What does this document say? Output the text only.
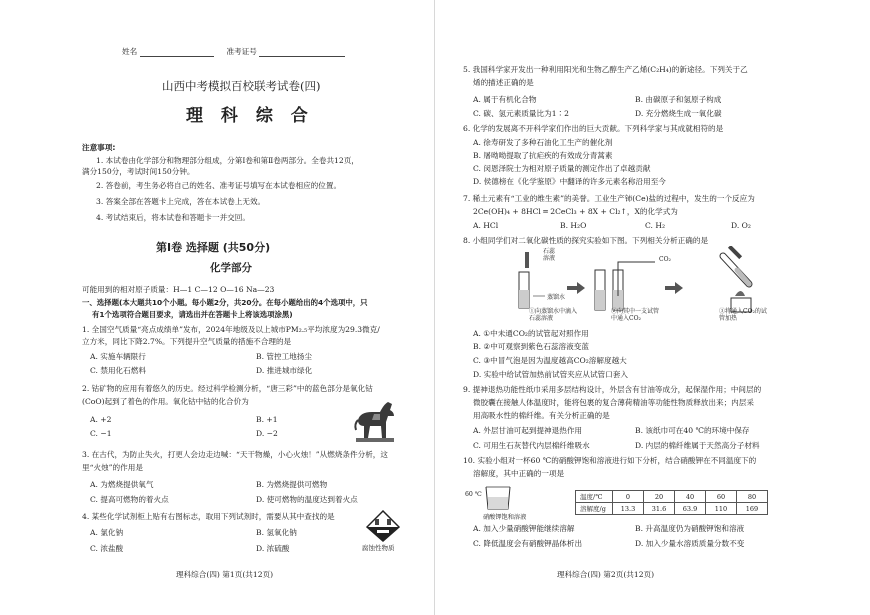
姓名	准考证号
山西中考模拟百校联考试卷(四)
理 科 综 合
注意事项:
1. 本试卷由化学部分和物理部分组成，分第Ⅰ卷和第Ⅱ卷两部分。全卷共12页，
满分150分，考试时间150分钟。
2. 答卷前，考生务必将自己的姓名、准考证号填写在本试卷相应的位置。
3. 答案全部在答题卡上完成，答在本试卷上无效。
4. 考试结束后，将本试卷和答题卡一并交回。
第Ⅰ卷 选择题 (共50分)
化学部分
可能用到的相对原子质量：H—1 C—12 O—16 Na—23
一、选择题(本大题共10个小题。每小题2分，共20分。在每小题给出的4个选项中，只
有1个选项符合题目要求，请选出并在答题卡上将该选项涂黑)
1. 全国空气质量“亮点成绩单”发布，2024年地级及以上城市PM₂.₅平均浓度为29.3微克/
立方米，同比下降2.7%。下列提升空气质量的措施不合理的是
A. 实施车辆限行	B. 管控工地扬尘
C. 禁用化石燃料	D. 推进城市绿化
2. 钴矿物的应用有着悠久的历史。经过科学检测分析，“唐三彩”中的蓝色部分是氧化钴
(CoO)起到了着色的作用。氧化钴中钴的化合价为
A. +2	B. +1
C. −1	D. −2
3. 在古代，为防止失火，打更人会边走边喊：“天干物燥，小心火烛！”从燃烧条件分析，这
里“火烛”的作用是
A. 为燃烧提供氧气	B. 为燃烧提供可燃物
C. 提高可燃物的着火点	D. 使可燃物的温度达到着火点
4. 某些化学试剂柜上贴有右图标志，取用下列试剂时，需要从其中查找的是
A. 氯化钠	B. 氢氧化钠
C. 浓盐酸	D. 浓硫酸	腐蚀性物质
理科综合(四) 第1页(共12页)
5. 我国科学家开发出一种利用阳光和生物乙醇生产乙烯(C₂H₄)的新途径。下列关于乙
烯的描述正确的是
A. 属于有机化合物	B. 由碳原子和氢原子构成
C. 碳、氢元素质量比为1∶2	D. 充分燃烧生成一氧化碳
6. 化学的发展离不开科学家们作出的巨大贡献。下列科学家与其成就相符的是
A. 徐寿研发了多种石油化工生产的催化剂
B. 屠呦呦提取了抗疟疾的有效成分青蒿素
C. 闵恩泽院士为相对原子质量的测定作出了卓越贡献
D. 侯德榜在《化学鉴原》中翻译的许多元素名称沿用至今
7. 稀土元素有“工业的维生素”的美誉。工业生产铈(Ce)盐的过程中，发生的一个反应为
2Ce(OH)₄ + 8HCl ═ 2CeCl₃ + 8X + Cl₂↑，X的化学式为
A. HCl	B. H₂O	C. H₂	D. O₂
8. 小组同学们对二氧化碳性质的探究实验如下图。下列相关分析正确的是
石蕊
溶液
蒸馏水
CO₂
①向蒸馏水中滴入
石蕊溶液
②向其中一支试管
中通入CO₂
③将通入CO₂的试
管加热
A. ①中未通CO₂的试管起对照作用
B. ②中可观察到紫色石蕊溶液变蓝
C. ③中冒气泡是因为温度越高CO₂溶解度越大
D. 实验中给试管加热前试管夹应从试管口套入
9. 提神退热功能性纸巾采用多层结构设计，外层含有甘油等成分，起保湿作用；中间层的
微胶囊在接触人体温度时，能将包裹的复合薄荷精油等功能性物质释放出来；内层采
用高吸水性的棉纤维。有关分析正确的是
A. 外层甘油可起到提神退热作用	B. 该纸巾可在40 ℃的环境中保存
C. 可用生石灰替代内层棉纤维吸水	D. 内层的棉纤维属于天然高分子材料
10. 实验小组对一杯60 ℃的硝酸钾饱和溶液进行如下分析，结合硝酸钾在不同温度下的
溶解度，其中正确的一项是
60 ℃
硝酸钾饱和溶液
温度/℃	0	20	40	60	80
溶解度/g	13.3	31.6	63.9	110	169
A. 加入少量硝酸钾能继续溶解	B. 升高温度仍为硝酸钾饱和溶液
C. 降低温度会有硝酸钾晶体析出	D. 加入少量水溶质质量分数不变
理科综合(四) 第2页(共12页)
